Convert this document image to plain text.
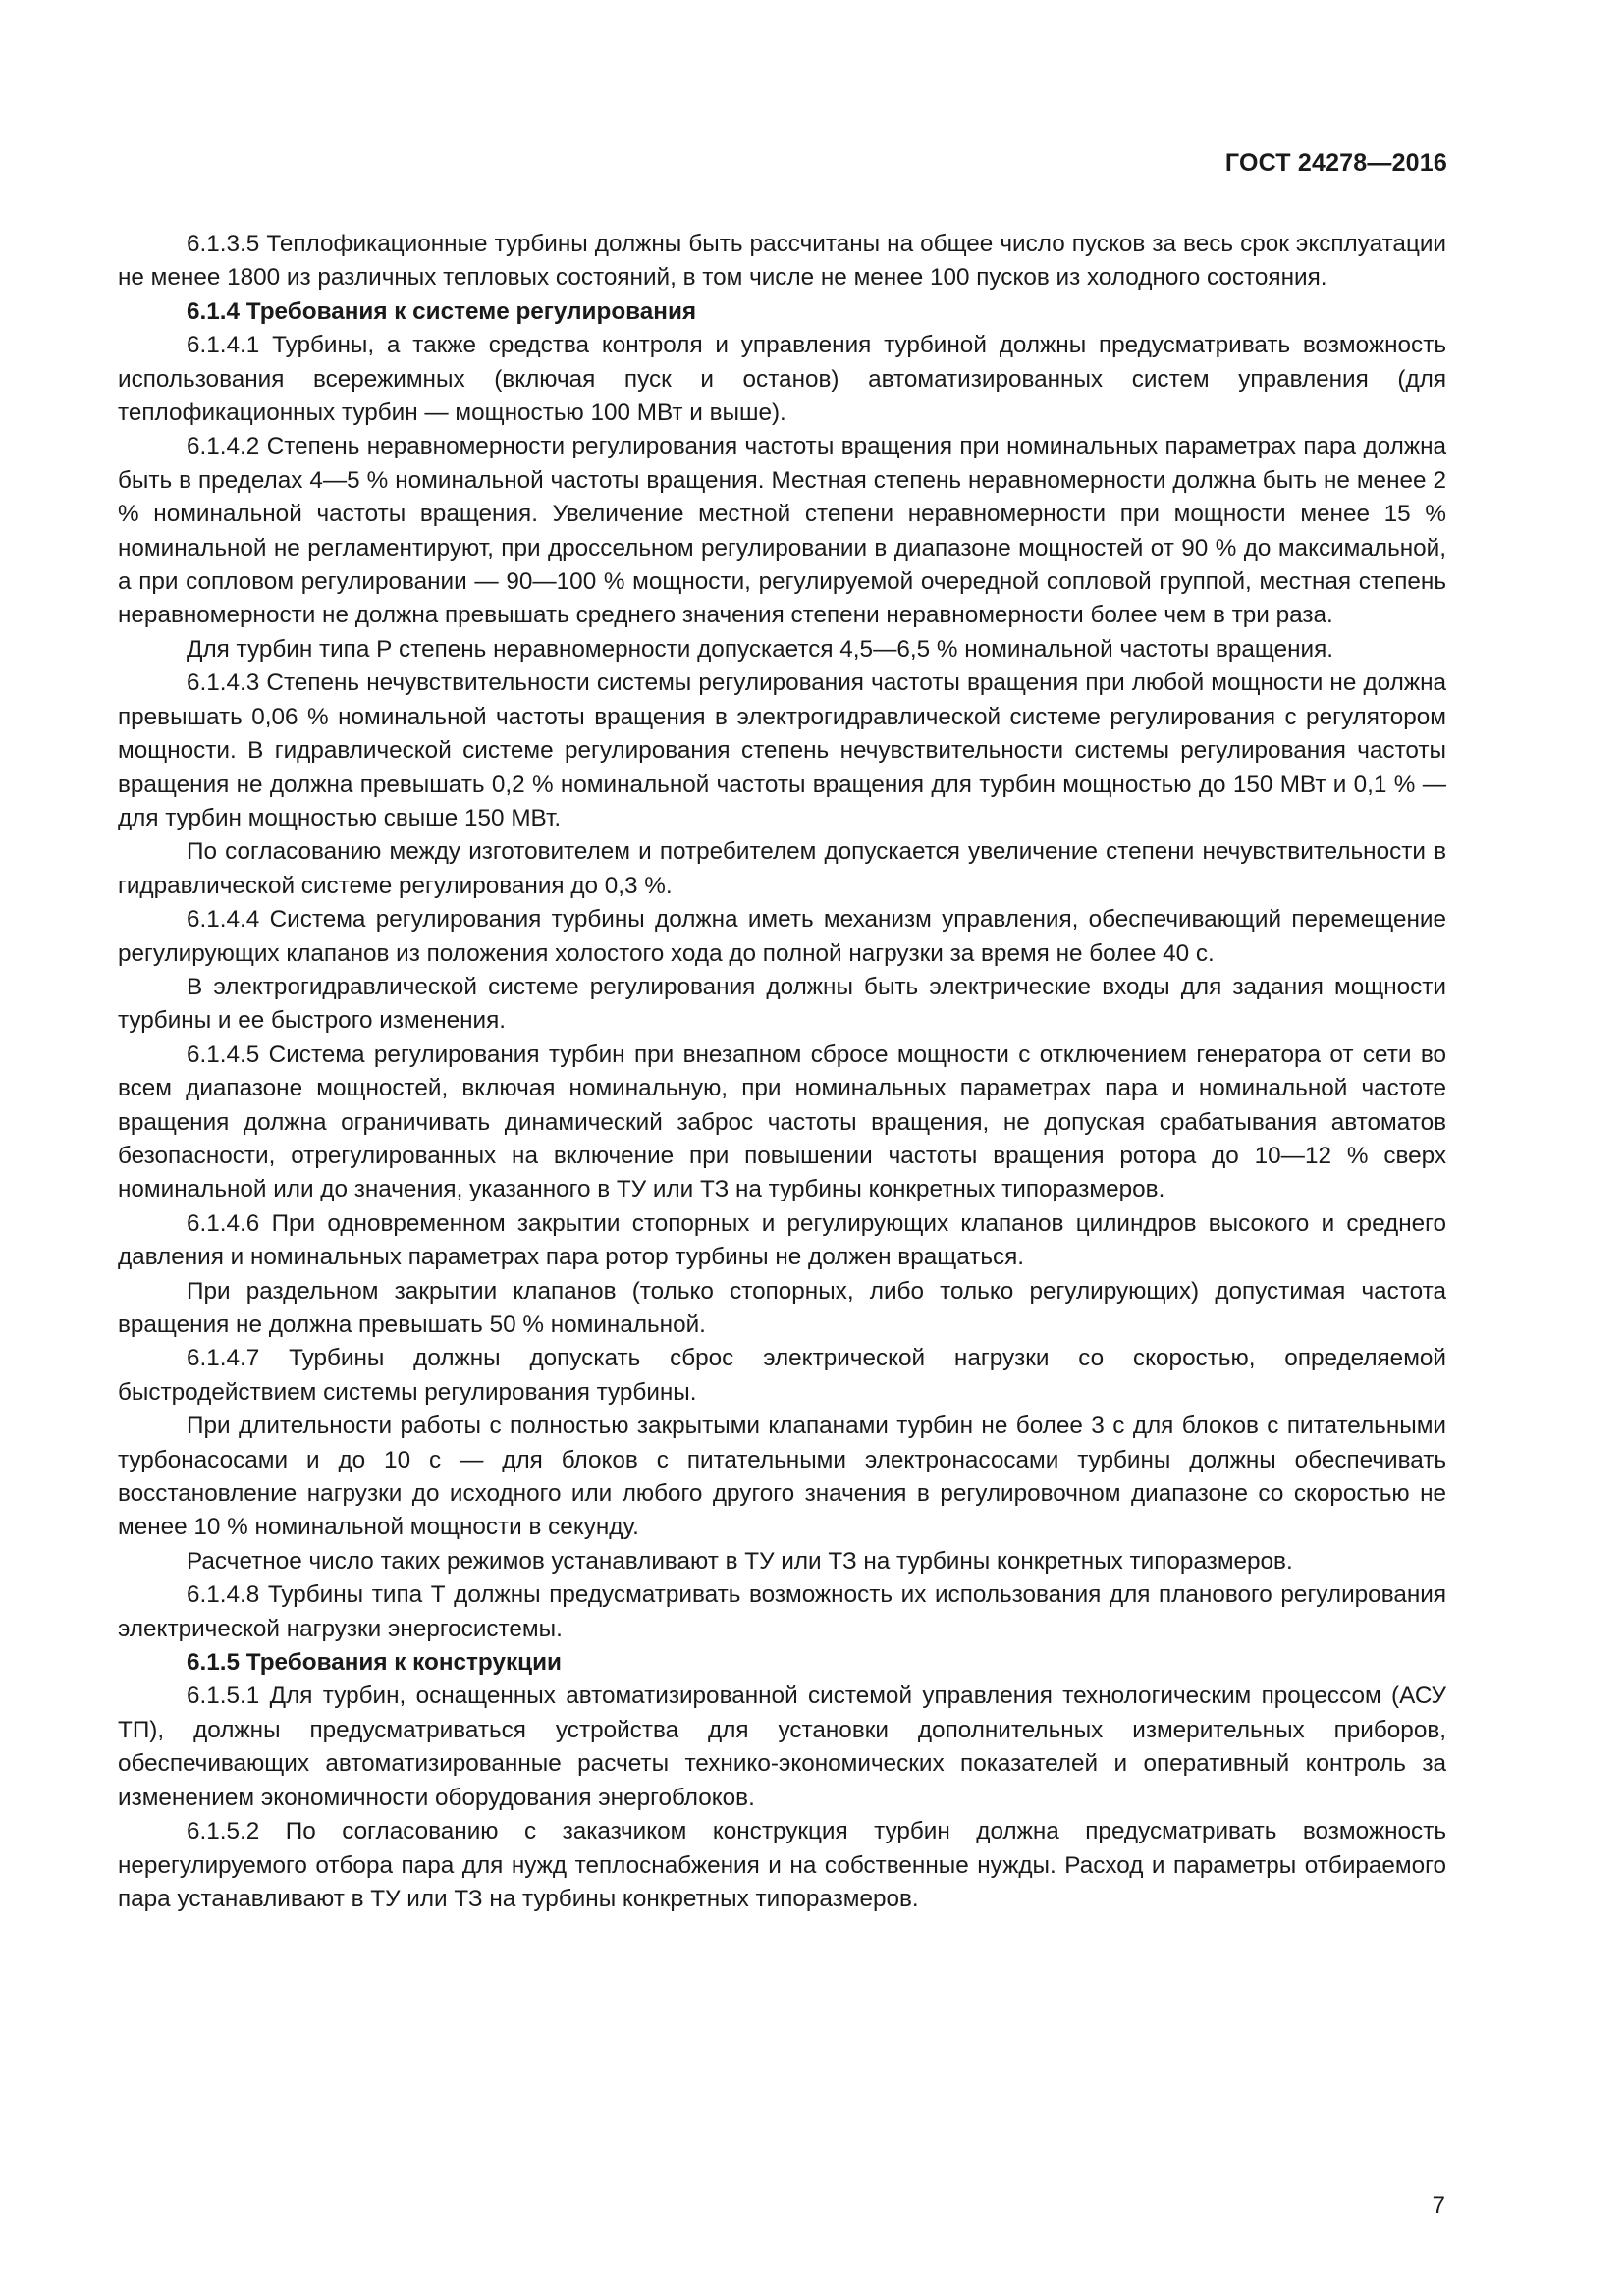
ГОСТ 24278—2016

6.1.3.5 Теплофикационные турбины должны быть рассчитаны на общее число пусков за весь срок эксплуатации не менее 1800 из различных тепловых состояний, в том числе не менее 100 пусков из холодного состояния.

6.1.4 Требования к системе регулирования

6.1.4.1 Турбины, а также средства контроля и управления турбиной должны предусматривать возможность использования всережимных (включая пуск и останов) автоматизированных систем управления (для теплофикационных турбин — мощностью 100 МВт и выше).

6.1.4.2 Степень неравномерности регулирования частоты вращения при номинальных параметрах пара должна быть в пределах 4—5 % номинальной частоты вращения. Местная степень неравномерности должна быть не менее 2 % номинальной частоты вращения. Увеличение местной степени неравномерности при мощности менее 15 % номинальной не регламентируют, при дроссельном регулировании в диапазоне мощностей от 90 % до максимальной, а при сопловом регулировании — 90—100 % мощности, регулируемой очередной сопловой группой, местная степень неравномерности не должна превышать среднего значения степени неравномерности более чем в три раза.

Для турбин типа Р степень неравномерности допускается 4,5—6,5 % номинальной частоты вращения.

6.1.4.3 Степень нечувствительности системы регулирования частоты вращения при любой мощности не должна превышать 0,06 % номинальной частоты вращения в электрогидравлической системе регулирования с регулятором мощности. В гидравлической системе регулирования степень нечувствительности системы регулирования частоты вращения не должна превышать 0,2 % номинальной частоты вращения для турбин мощностью до 150 МВт и 0,1 % — для турбин мощностью свыше 150 МВт.

По согласованию между изготовителем и потребителем допускается увеличение степени нечувствительности в гидравлической системе регулирования до 0,3 %.

6.1.4.4 Система регулирования турбины должна иметь механизм управления, обеспечивающий перемещение регулирующих клапанов из положения холостого хода до полной нагрузки за время не более 40 с.

В электрогидравлической системе регулирования должны быть электрические входы для задания мощности турбины и ее быстрого изменения.

6.1.4.5 Система регулирования турбин при внезапном сбросе мощности с отключением генератора от сети во всем диапазоне мощностей, включая номинальную, при номинальных параметрах пара и номинальной частоте вращения должна ограничивать динамический заброс частоты вращения, не допуская срабатывания автоматов безопасности, отрегулированных на включение при повышении частоты вращения ротора до 10—12 % сверх номинальной или до значения, указанного в ТУ или ТЗ на турбины конкретных типоразмеров.

6.1.4.6 При одновременном закрытии стопорных и регулирующих клапанов цилиндров высокого и среднего давления и номинальных параметрах пара ротор турбины не должен вращаться.

При раздельном закрытии клапанов (только стопорных, либо только регулирующих) допустимая частота вращения не должна превышать 50 % номинальной.

6.1.4.7 Турбины должны допускать сброс электрической нагрузки со скоростью, определяемой быстродействием системы регулирования турбины.

При длительности работы с полностью закрытыми клапанами турбин не более 3 с для блоков с питательными турбонасосами и до 10 с — для блоков с питательными электронасосами турбины должны обеспечивать восстановление нагрузки до исходного или любого другого значения в регулировочном диапазоне со скоростью не менее 10 % номинальной мощности в секунду.

Расчетное число таких режимов устанавливают в ТУ или ТЗ на турбины конкретных типоразмеров.

6.1.4.8 Турбины типа Т должны предусматривать возможность их использования для планового регулирования электрической нагрузки энергосистемы.

6.1.5 Требования к конструкции

6.1.5.1 Для турбин, оснащенных автоматизированной системой управления технологическим процессом (АСУ ТП), должны предусматриваться устройства для установки дополнительных измерительных приборов, обеспечивающих автоматизированные расчеты технико-экономических показателей и оперативный контроль за изменением экономичности оборудования энергоблоков.

6.1.5.2 По согласованию с заказчиком конструкция турбин должна предусматривать возможность нерегулируемого отбора пара для нужд теплоснабжения и на собственные нужды. Расход и параметры отбираемого пара устанавливают в ТУ или ТЗ на турбины конкретных типоразмеров.

7
